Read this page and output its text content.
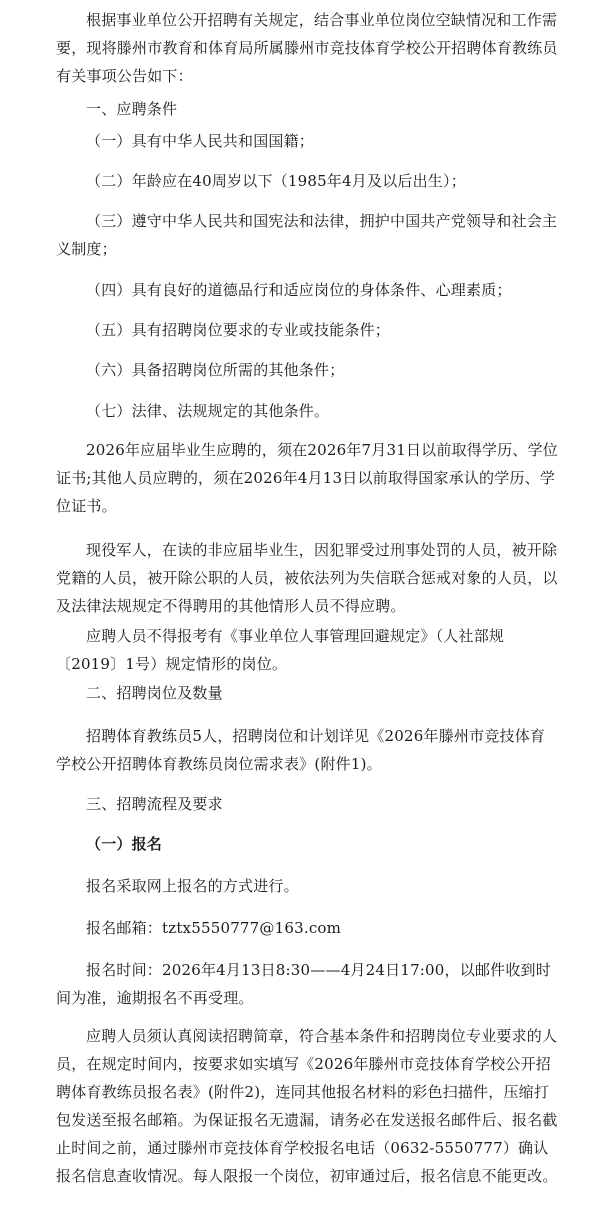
根据事业单位公开招聘有关规定，结合事业单位岗位空缺情况和工作需要，现将滕州市教育和体育局所属滕州市竞技体育学校公开招聘体育教练员有关事项公告如下：

一、应聘条件

（一）具有中华人民共和国国籍；

（二）年龄应在40周岁以下（1985年4月及以后出生）；

（三）遵守中华人民共和国宪法和法律，拥护中国共产党领导和社会主义制度；

（四）具有良好的道德品行和适应岗位的身体条件、心理素质；

（五）具有招聘岗位要求的专业或技能条件；

（六）具备招聘岗位所需的其他条件；

（七）法律、法规规定的其他条件。

2026年应届毕业生应聘的，须在2026年7月31日以前取得学历、学位证书;其他人员应聘的，须在2026年4月13日以前取得国家承认的学历、学位证书。

现役军人，在读的非应届毕业生，因犯罪受过刑事处罚的人员，被开除党籍的人员，被开除公职的人员，被依法列为失信联合惩戒对象的人员，以及法律法规规定不得聘用的其他情形人员不得应聘。

应聘人员不得报考有《事业单位人事管理回避规定》（人社部规〔2019〕1号）规定情形的岗位。

二、招聘岗位及数量

招聘体育教练员5人，招聘岗位和计划详见《2026年滕州市竞技体育学校公开招聘体育教练员岗位需求表》(附件1)。

三、招聘流程及要求

（一）报名

报名采取网上报名的方式进行。

报名邮箱：tztx5550777@163.com

报名时间：2026年4月13日8:30——4月24日17:00，以邮件收到时间为准，逾期报名不再受理。

应聘人员须认真阅读招聘简章，符合基本条件和招聘岗位专业要求的人员，在规定时间内，按要求如实填写《2026年滕州市竞技体育学校公开招聘体育教练员报名表》(附件2)，连同其他报名材料的彩色扫描件，压缩打包发送至报名邮箱。为保证报名无遗漏，请务必在发送报名邮件后、报名截止时间之前，通过滕州市竞技体育学校报名电话（0632-5550777）确认报名信息查收情况。每人限报一个岗位，初审通过后，报名信息不能更改。
